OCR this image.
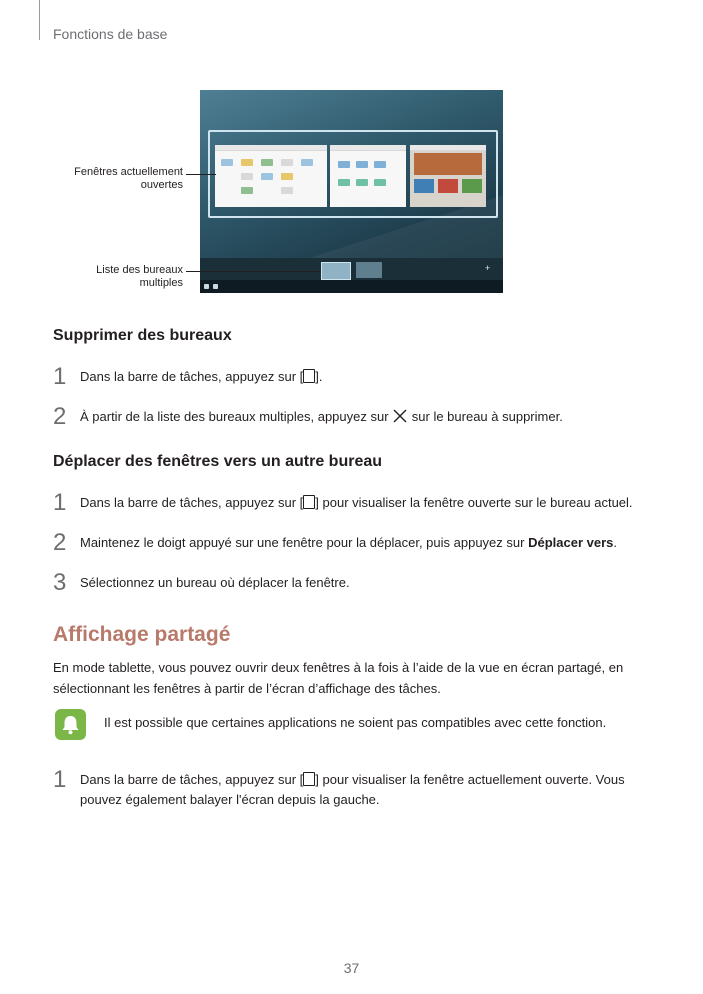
Fonctions de base
+
Fenêtres actuellement
ouvertes
Liste des bureaux
multiples
Supprimer des bureaux
1 Dans la barre de tâches, appuyez sur [ ].
2 À partir de la liste des bureaux multiples, appuyez sur  sur le bureau à supprimer.
Déplacer des fenêtres vers un autre bureau
1 Dans la barre de tâches, appuyez sur [ ] pour visualiser la fenêtre ouverte sur le bureau actuel.
2 Maintenez le doigt appuyé sur une fenêtre pour la déplacer, puis appuyez sur Déplacer vers.
3 Sélectionnez un bureau où déplacer la fenêtre.
Affichage partagé
En mode tablette, vous pouvez ouvrir deux fenêtres à la fois à l’aide de la vue en écran partagé, en sélectionnant les fenêtres à partir de l’écran d’affichage des tâches.
Il est possible que certaines applications ne soient pas compatibles avec cette fonction.
1 Dans la barre de tâches, appuyez sur [ ] pour visualiser la fenêtre actuellement ouverte. Vous
pouvez également balayer l'écran depuis la gauche.
37
